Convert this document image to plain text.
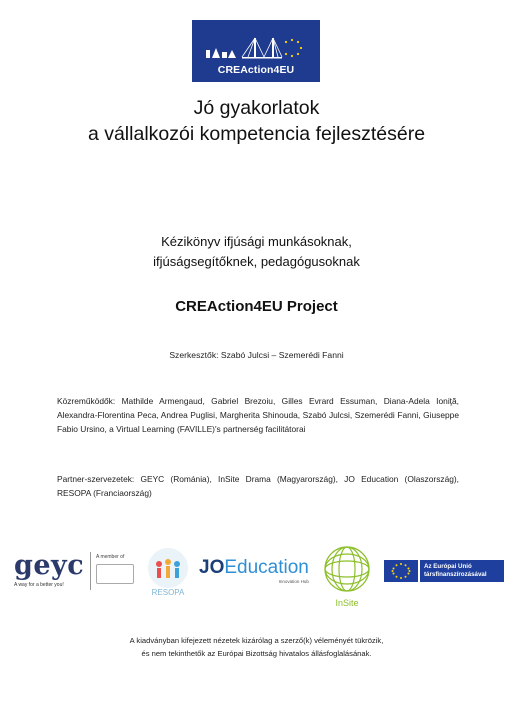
CREAction4EU
Jó gyakorlatok
a vállalkozói kompetencia fejlesztésére
Kézikönyv ifjúsági munkásoknak,
ifjúságsegítőknek, pedagógusoknak
CREAction4EU Project
Szerkesztők: Szabó Julcsi – Szemerédi Fanni
Közreműködők: Mathilde Armengaud, Gabriel Brezoiu, Gilles Evrard Essuman, Diana-Adela Ioniţă, Alexandra-Florentina Peca, Andrea Puglisi, Margherita Shinouda, Szabó Julcsi, Szemerédi Fanni, Giuseppe Fabio Ursino, a Virtual Learning (FAVILLE)'s partnerség facilitátorai
Partner-szervezetek: GEYC (Románia), InSite Drama (Magyarország), JO Education (Olaszország), RESOPA (Franciaország)
geyc
A way for a better you!
A member of
RESOPA
JOEducation
Innovation Hub
InSite
Az Európai Unió
társfinanszírozásával
A kiadványban kifejezett nézetek kizárólag a szerző(k) véleményét tükrözik,
és nem tekinthetők az Európai Bizottság hivatalos állásfoglalásának.
